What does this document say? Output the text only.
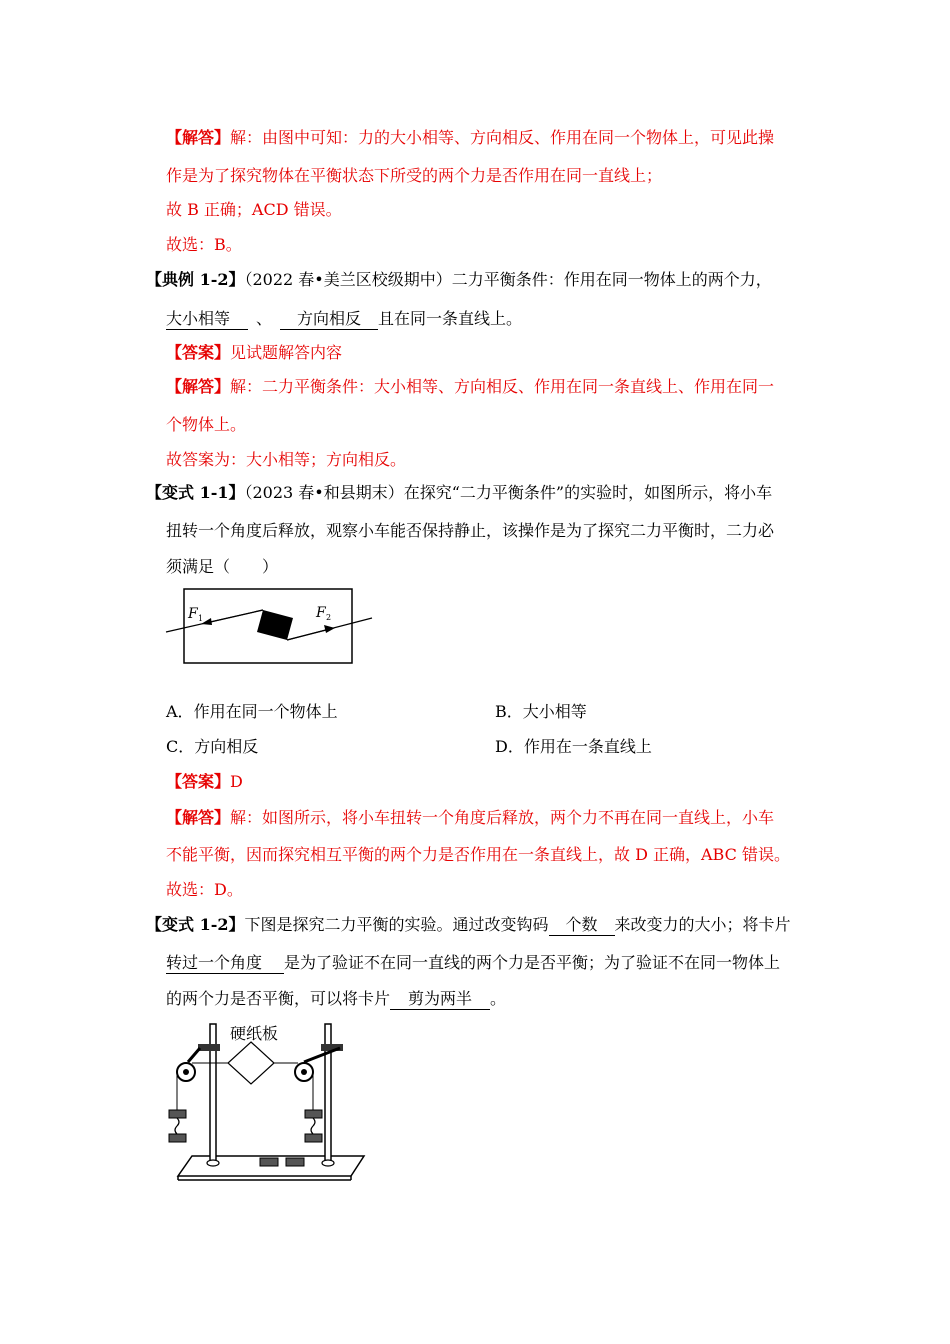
【解答】解：由图中可知：力的大小相等、方向相反、作用在同一个物体上，可见此操
作是为了探究物体在平衡状态下所受的两个力是否作用在同一直线上；
故 B 正确；ACD 错误。
故选：B。
【典例 1-2】（2022 春•美兰区校级期中）二力平衡条件：作用在同一物体上的两个力，
大小相等 、 方向相反 且在同一条直线上。
【答案】见试题解答内容
【解答】解：二力平衡条件：大小相等、方向相反、作用在同一条直线上、作用在同一
个物体上。
故答案为：大小相等；方向相反。
【变式 1-1】（2023 春•和县期末）在探究“二力平衡条件”的实验时，如图所示，将小车
扭转一个角度后释放，观察小车能否保持静止，该操作是为了探究二力平衡时，二力必
须满足（　　）
F 1	F 2
A．作用在同一个物体上	B．大小相等
C．方向相反	D．作用在一条直线上
【答案】D
【解答】解：如图所示，将小车扭转一个角度后释放，两个力不再在同一直线上，小车
不能平衡，因而探究相互平衡的两个力是否作用在一条直线上，故 D 正确，ABC 错误。
故选：D。
【变式 1-2】下图是探究二力平衡的实验。通过改变钩码 个数 来改变力的大小；将卡片
转过一个角度 是为了验证不在同一直线的两个力是否平衡；为了验证不在同一物体上
的两个力是否平衡，可以将卡片 剪为两半 。
硬纸板
